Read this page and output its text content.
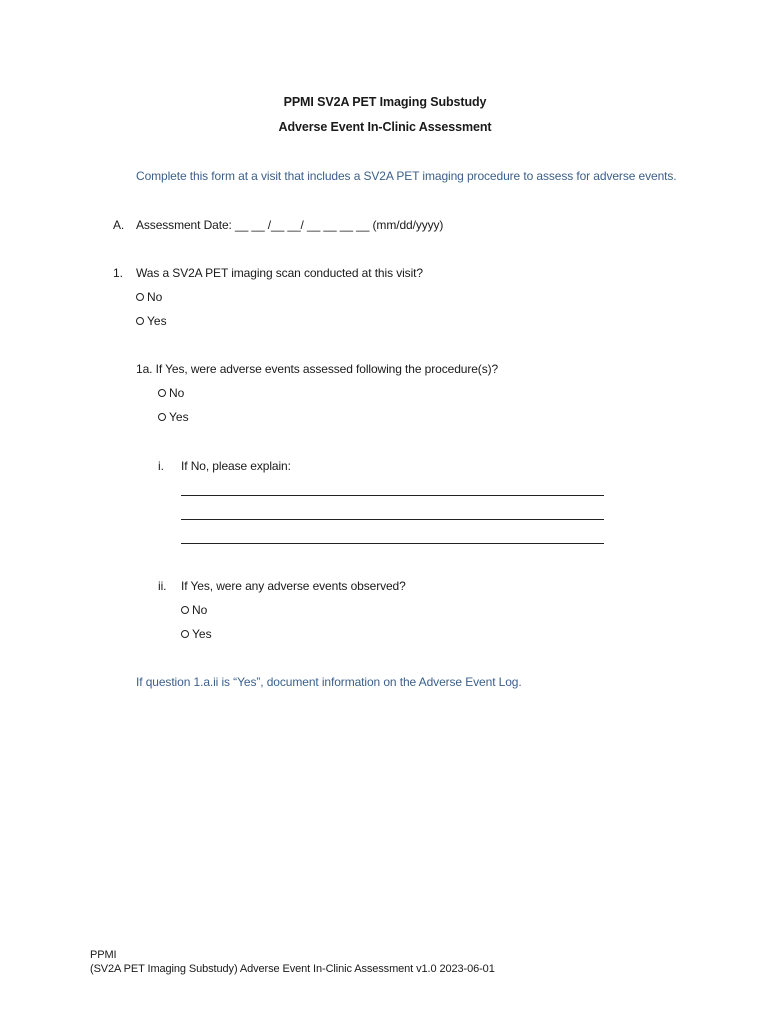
PPMI SV2A PET Imaging Substudy
Adverse Event In-Clinic Assessment
Complete this form at a visit that includes a SV2A PET imaging procedure to assess for adverse events.
A. Assessment Date: __ __ /__ __/ __ __ __ __ (mm/dd/yyyy)
1. Was a SV2A PET imaging scan conducted at this visit?
No
Yes
1a. If Yes, were adverse events assessed following the procedure(s)?
No
Yes
i. If No, please explain:
ii. If Yes, were any adverse events observed?
No
Yes
If question 1.a.ii is “Yes”, document information on the Adverse Event Log.
PPMI
(SV2A PET Imaging Substudy) Adverse Event In-Clinic Assessment v1.0 2023-06-01
